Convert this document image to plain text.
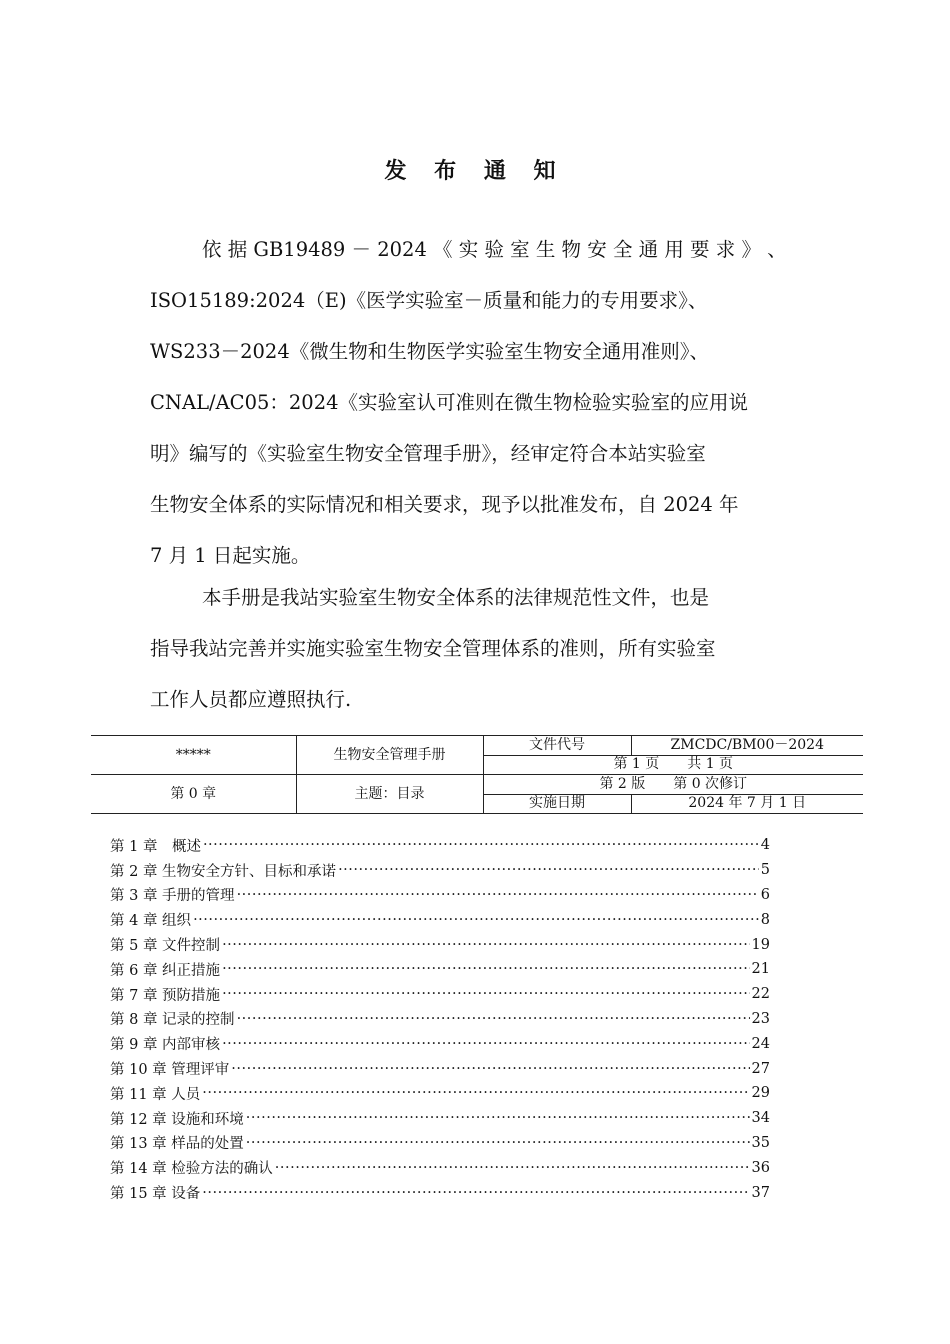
发 布 通 知
依 据 GB19489 － 2024 《 实 验 室 生 物 安 全 通 用 要 求 》 、
ISO15189:2024（E)《医学实验室－质量和能力的专用要求》、
WS233－2024《微生物和生物医学实验室生物安全通用准则》、
CNAL/AC05：2024《实验室认可准则在微生物检验实验室的应用说
明》编写的《实验室生物安全管理手册》，经审定符合本站实验室
生物安全体系的实际情况和相关要求，现予以批准发布，自 2024 年
7 月 1 日起实施。
本手册是我站实验室生物安全体系的法律规范性文件，也是
指导我站完善并实施实验室生物安全管理体系的准则，所有实验室
工作人员都应遵照执行.
*****	生物安全管理手册	文件代号	ZMCDC/BM00－2024
		第 1 页　　共 1 页	
第 0 章	主题：目录	第 2 版　　第 0 次修订	
		实施日期	2024 年 7 月 1 日
第 1 章　概述 ·····	4
第 2 章 生物安全方针、目标和承诺 ·····	5
第 3 章 手册的管理 ·····	6
第 4 章 组织 ·····	8
第 5 章 文件控制 ·····	19
第 6 章 纠正措施 ·····	21
第 7 章 预防措施 ·····	22
第 8 章 记录的控制 ·····	23
第 9 章 内部审核 ·····	24
第 10 章 管理评审 ·····	27
第 11 章 人员 ·····	29
第 12 章 设施和环境 ·····	34
第 13 章 样品的处置 ·····	35
第 14 章 检验方法的确认 ·····	36
第 15 章 设备 ·····	37
